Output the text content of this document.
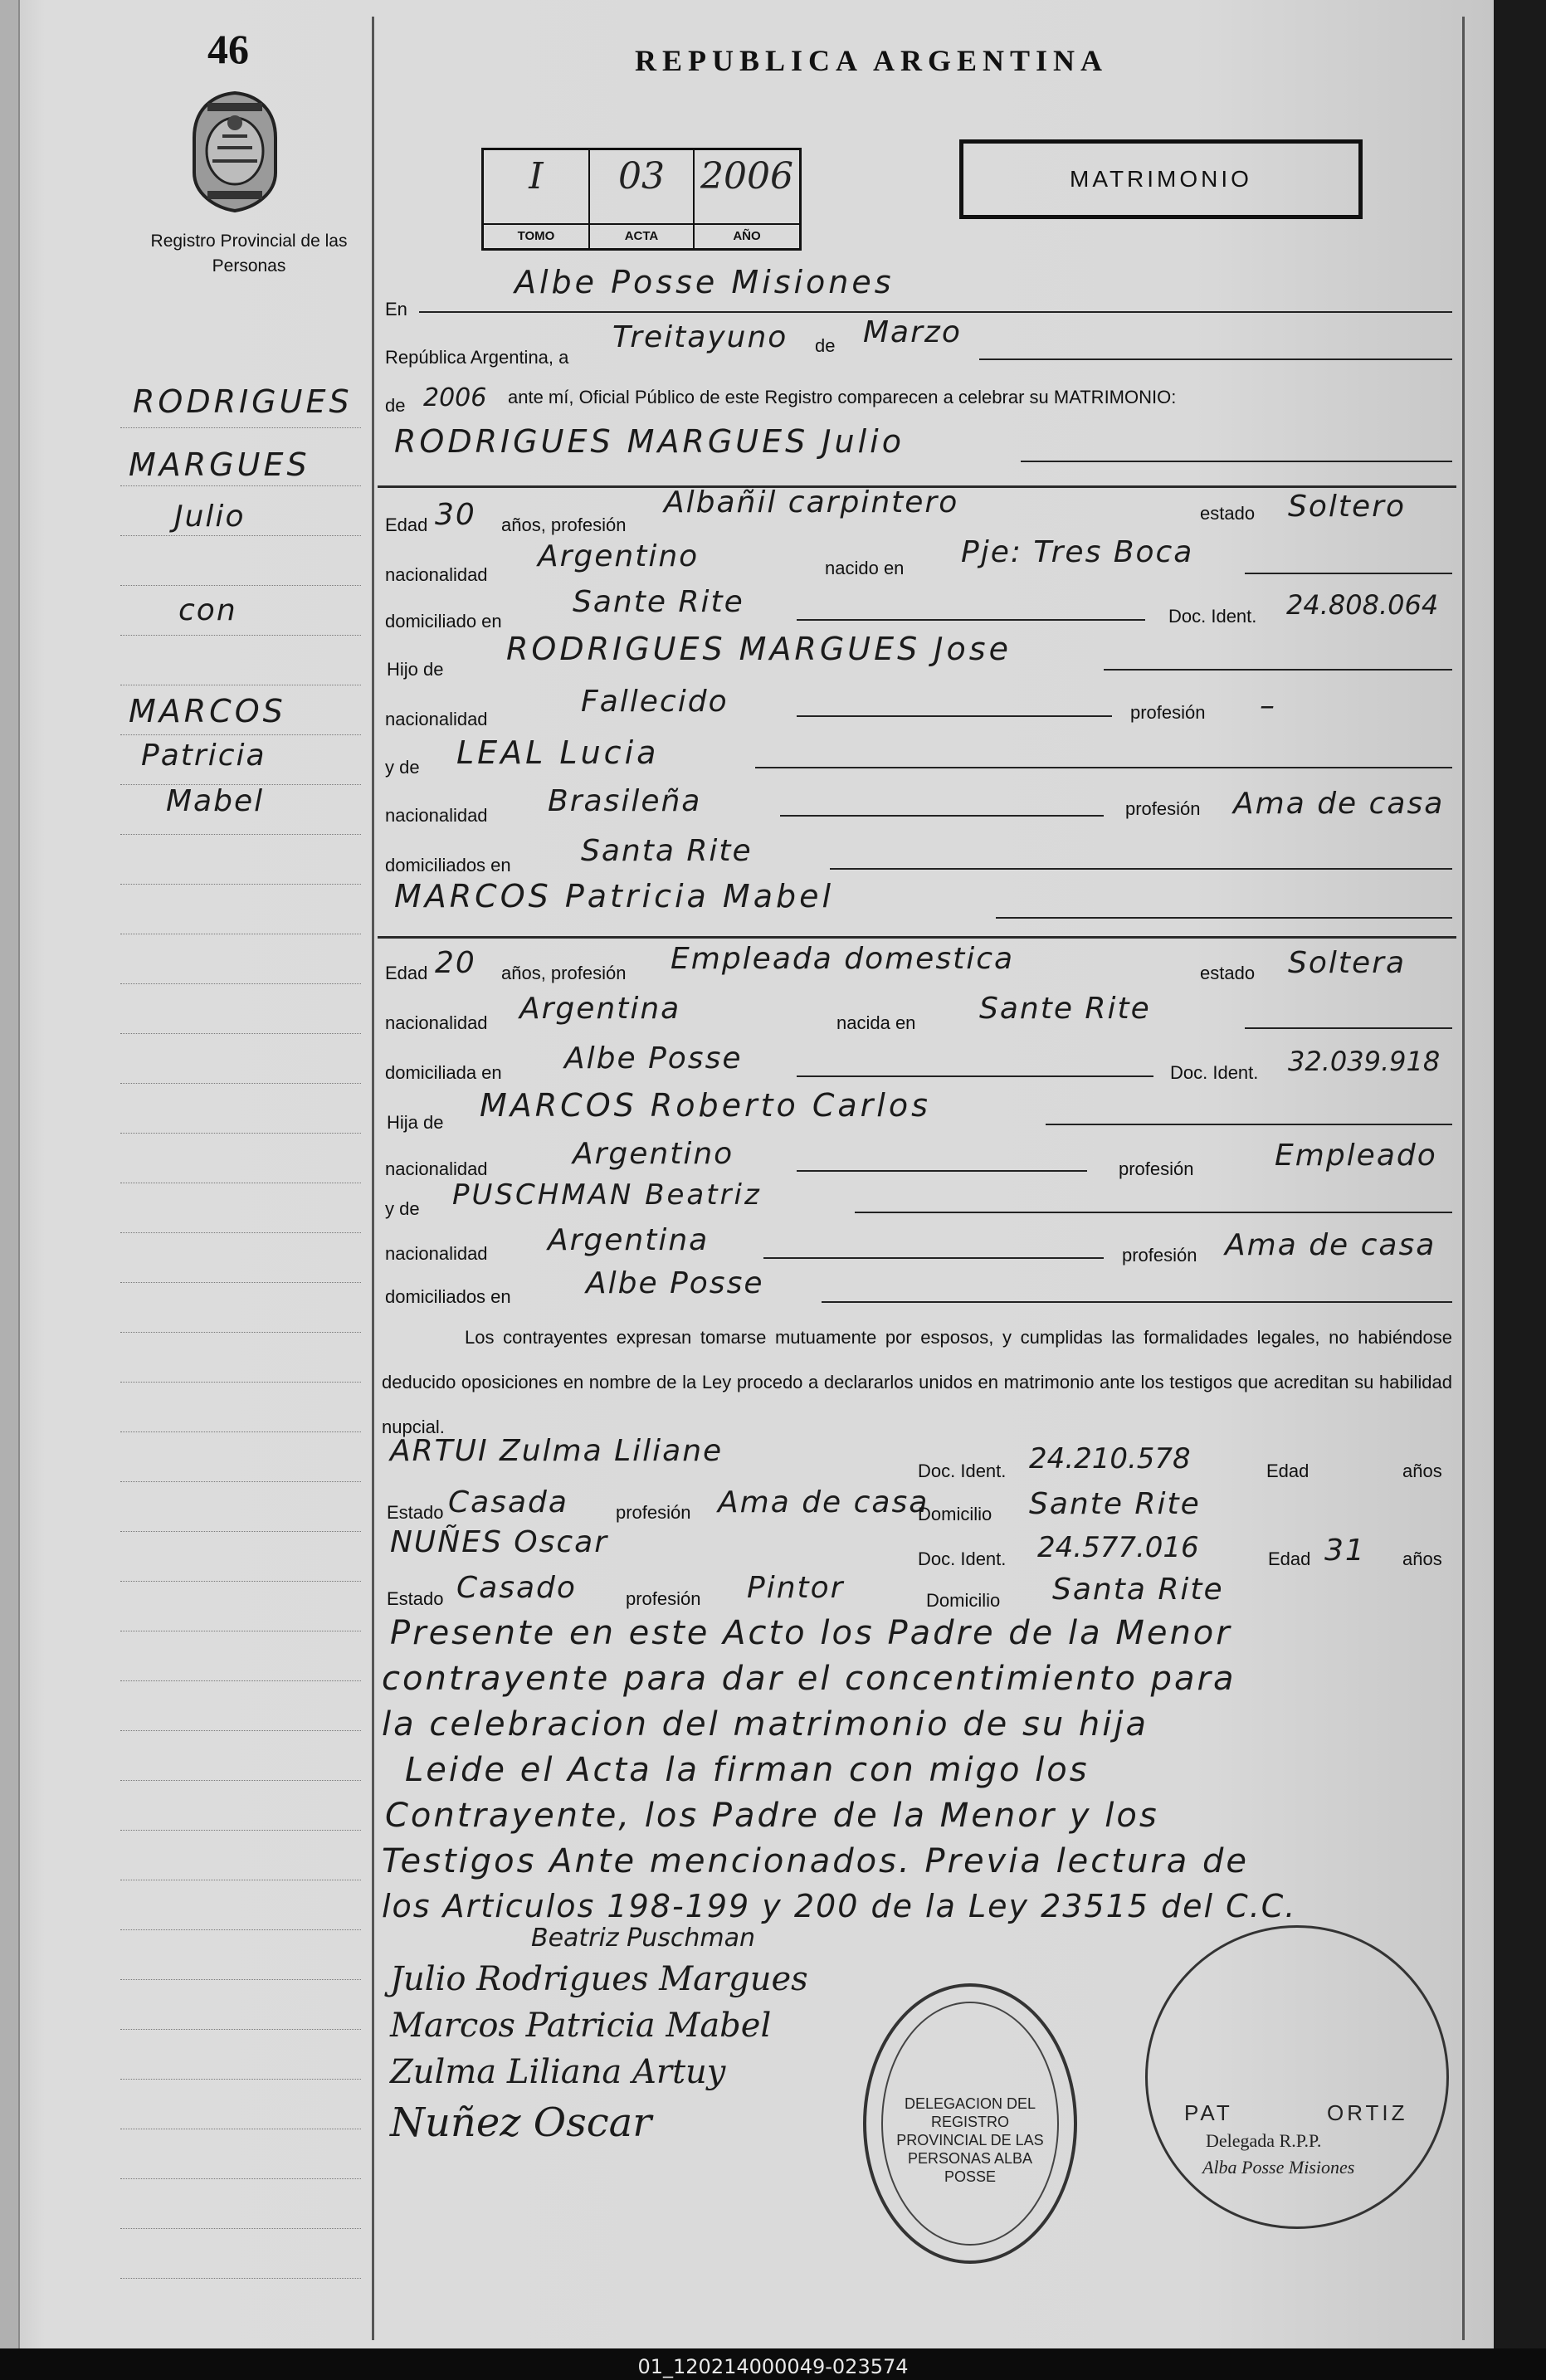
46
Registro Provincial de las Personas
REPUBLICA ARGENTINA
I
TOMO
03
ACTA
2006
AÑO
MATRIMONIO
RODRIGUES
MARGUES
Julio
con
MARCOS
Patricia
Mabel
En
Albe Posse Misiones
República Argentina, a
Treitayuno de Marzo
de 2006 ante mí, Oficial Público de este Registro comparecen a celebrar su MATRIMONIO:
RODRIGUES MARGUES Julio
Edad 30 años, profesión
Albañil carpintero	estado Soltero
nacionalidad
Argentino	nacido en Pje: Tres Boca
domiciliado en
Sante Rite	Doc. Ident. 24.808.064
Hijo de
RODRIGUES MARGUES Jose
nacionalidad
Fallecido	profesión –
y de LEAL Lucia
nacionalidad Brasileña	profesión Ama de casa
domiciliados en Santa Rite
MARCOS Patricia Mabel
Edad 20 años, profesión Empleada domestica	estado Soltera
nacionalidad Argentina	nacida en Sante Rite
domiciliada en Albe Posse	Doc. Ident. 32.039.918
Hija de MARCOS Roberto Carlos
nacionalidad	Argentino	profesión	Empleado
y de PUSCHMAN Beatriz
nacionalidad Argentina	profesión Ama de casa
domiciliados en	Albe Posse
Los contrayentes expresan tomarse mutuamente por esposos, y cumplidas las formalidades legales, no habiéndose deducido oposiciones en nombre de la Ley procedo a declararlos unidos en matrimonio ante los testigos que acreditan su habilidad nupcial.
ARTUI Zulma Liliane
Doc. Ident. 24.210.578	Edad	años
Estado Casada	profesión Ama de casa
Domicilio Sante Rite
NUÑES Oscar	Doc. Ident. 24.577.016	Edad 31 años
Estado Casado	profesión Pintor	Domicilio Santa Rite
Presente en este Acto los Padre de la Menor
contrayente para dar el concentimiento para
la celebracion del matrimonio de su hija
Leide el Acta la firman con migo los
Contrayente, los Padre de la Menor y los
Testigos Ante mencionados. Previa lectura de
los Articulos 198-199 y 200 de la Ley 23515 del C.C.
Beatriz Puschman
Julio Rodrigues Margues
Marcos Patricia Mabel
Zulma Liliana Artuy
Nuñez Oscar	DELEGACION DEL REGISTRO PROVINCIAL DE LAS PERSONAS ALBA POSSE
PAT	ORTIZ
Delegada R.P.P.
Alba Posse Misiones
01_120214000049-023574
